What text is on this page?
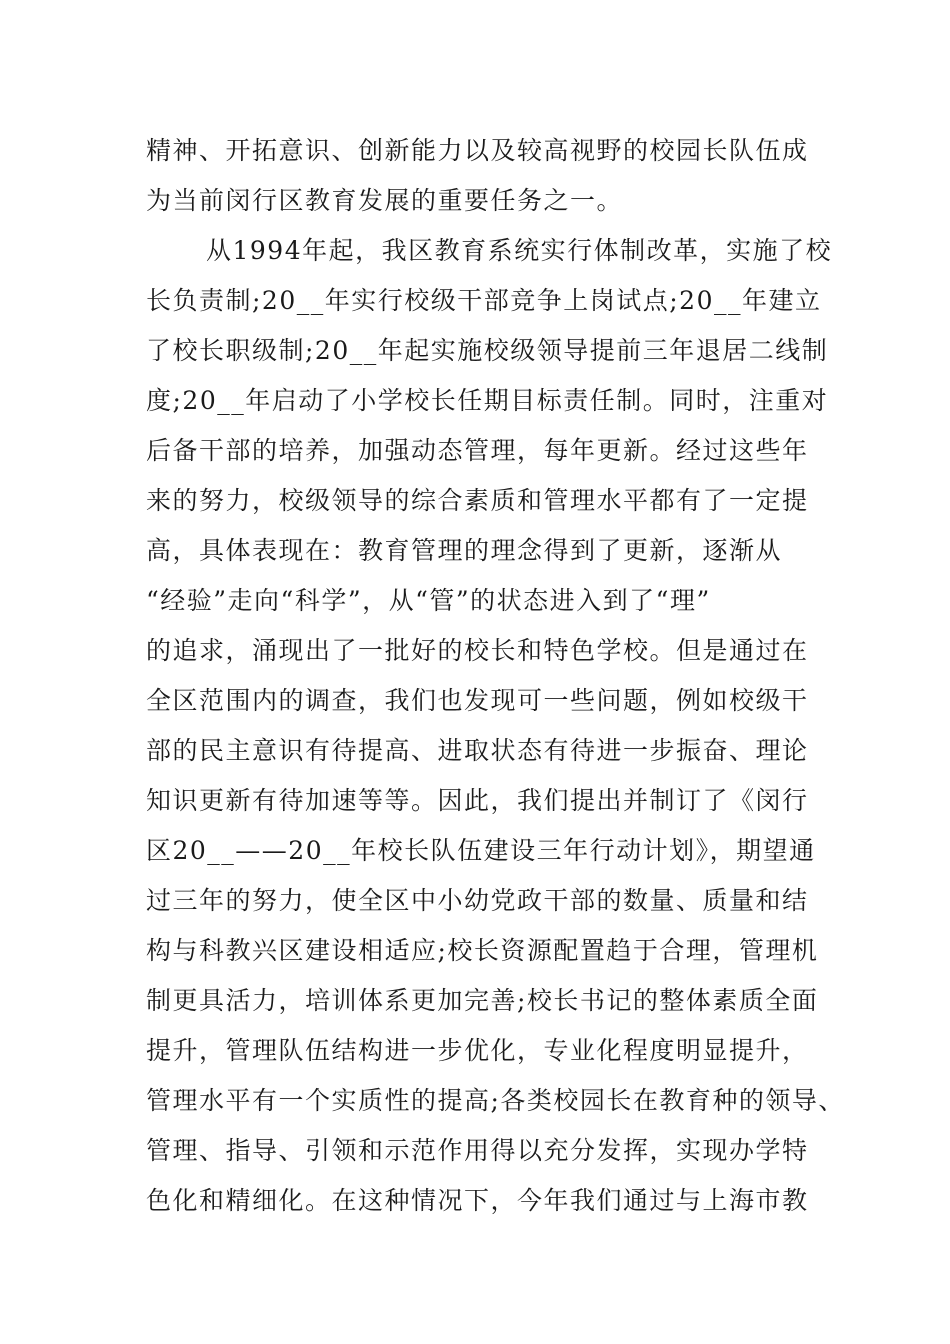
精神、开拓意识、创新能力以及较高视野的校园长队伍成
为当前闵行区教育发展的重要任务之一。
从1994年起，我区教育系统实行体制改革，实施了校
长负责制;20__年实行校级干部竞争上岗试点;20__年建立
了校长职级制;20__年起实施校级领导提前三年退居二线制
度;20__年启动了小学校长任期目标责任制。同时，注重对
后备干部的培养，加强动态管理，每年更新。经过这些年
来的努力，校级领导的综合素质和管理水平都有了一定提
高，具体表现在：教育管理的理念得到了更新，逐渐从
“经验”走向“科学”，从“管”的状态进入到了“理”
的追求，涌现出了一批好的校长和特色学校。但是通过在
全区范围内的调查，我们也发现可一些问题，例如校级干
部的民主意识有待提高、进取状态有待进一步振奋、理论
知识更新有待加速等等。因此，我们提出并制订了《闵行
区20__——20__年校长队伍建设三年行动计划》，期望通
过三年的努力，使全区中小幼党政干部的数量、质量和结
构与科教兴区建设相适应;校长资源配置趋于合理，管理机
制更具活力，培训体系更加完善;校长书记的整体素质全面
提升，管理队伍结构进一步优化，专业化程度明显提升，
管理水平有一个实质性的提高;各类校园长在教育种的领导、
管理、指导、引领和示范作用得以充分发挥，实现办学特
色化和精细化。在这种情况下，今年我们通过与上海市教
